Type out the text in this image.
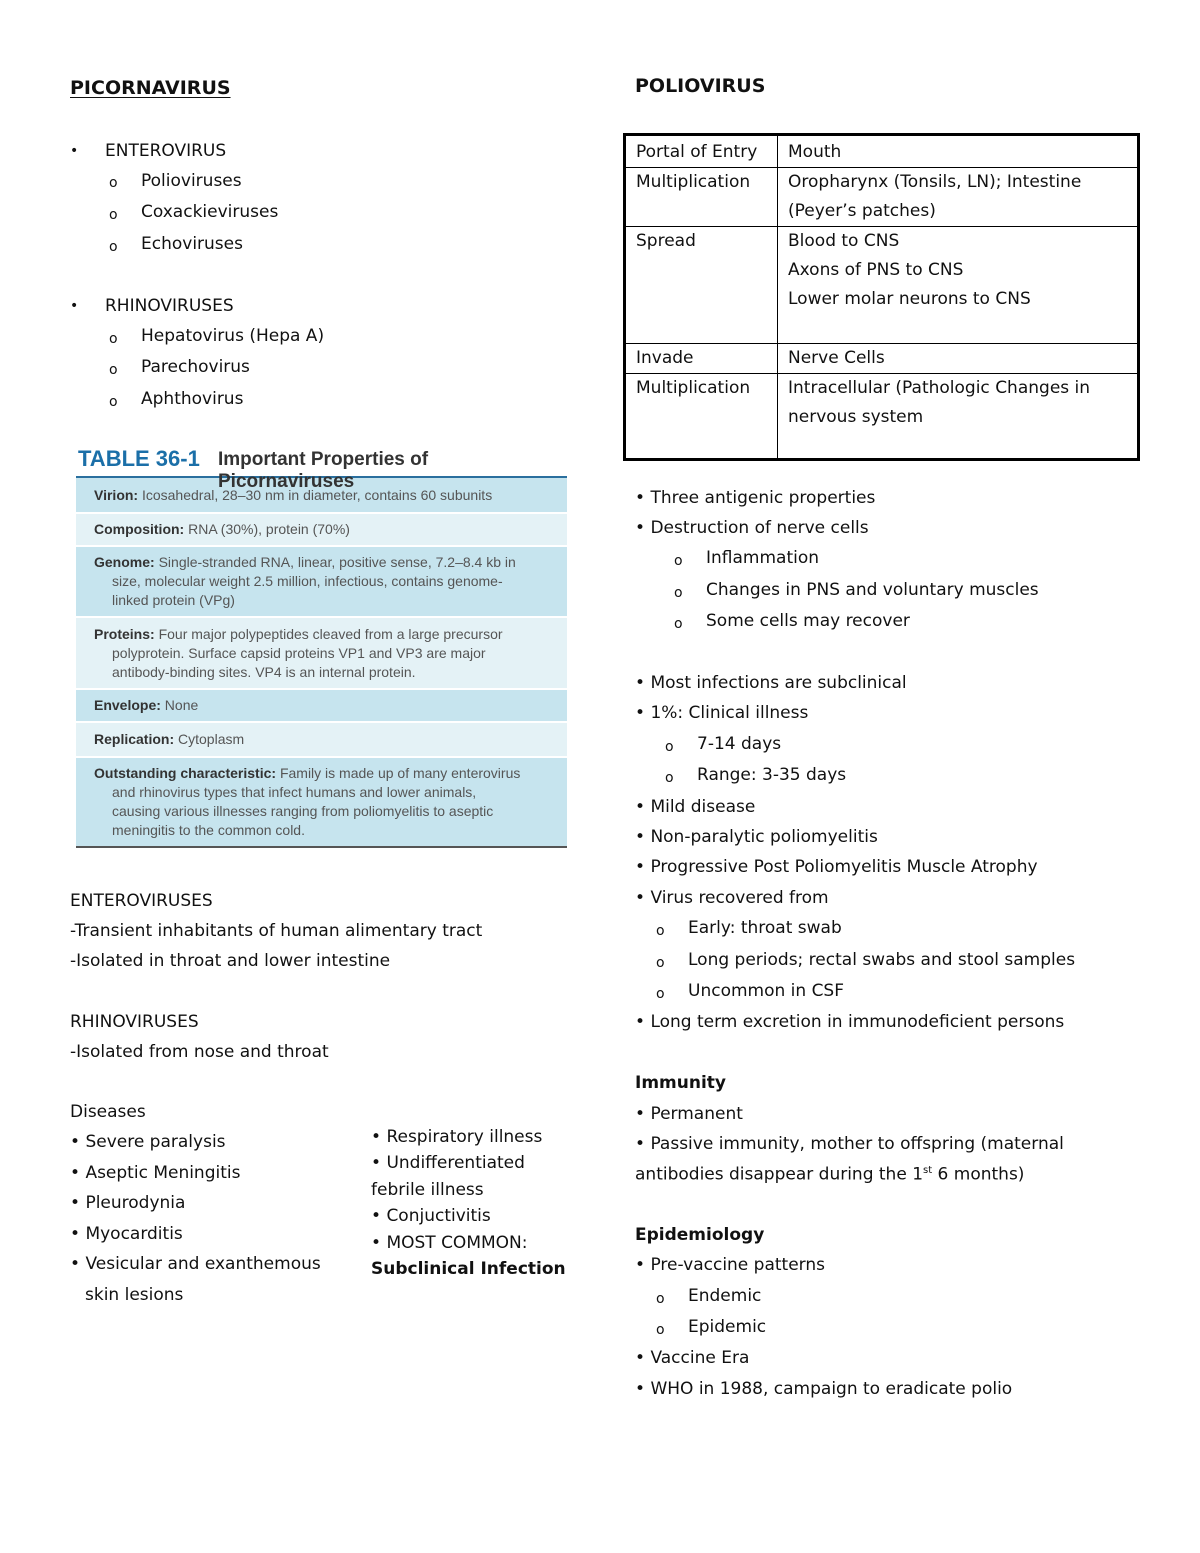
PICORNAVIRUS
• ENTEROVIRUS
o Polioviruses
o Coxackieviruses
o Echoviruses
• RHINOVIRUSES
o Hepatovirus (Hepa A)
o Parechovirus
o Aphthovirus
TABLE 36-1 Important Properties of Picornaviruses
Virion: Icosahedral, 28–30 nm in diameter, contains 60 subunits
Composition: RNA (30%), protein (70%)
Genome: Single-stranded RNA, linear, positive sense, 7.2–8.4 kb in
size, molecular weight 2.5 million, infectious, contains genome-
linked protein (VPg)
Proteins: Four major polypeptides cleaved from a large precursor
polyprotein. Surface capsid proteins VP1 and VP3 are major
antibody-binding sites. VP4 is an internal protein.
Envelope: None
Replication: Cytoplasm
Outstanding characteristic: Family is made up of many enterovirus
and rhinovirus types that infect humans and lower animals,
causing various illnesses ranging from poliomyelitis to aseptic
meningitis to the common cold.
ENTEROVIRUSES
-Transient inhabitants of human alimentary tract
-Isolated in throat and lower intestine
RHINOVIRUSES
-Isolated from nose and throat
Diseases
• Severe paralysis
• Aseptic Meningitis
• Pleurodynia
• Myocarditis
• Vesicular and exanthemous
skin lesions
• Respiratory illness
• Undifferentiated
febrile illness
• Conjuctivitis
• MOST COMMON:
Subclinical Infection
POLIOVIRUS
Portal of Entry	Mouth

Multiplication	Oropharynx (Tonsils, LN); Intestine
(Peyer’s patches)

Spread	Blood to CNS
Axons of PNS to CNS
Lower molar neurons to CNS

Invade	Nerve Cells

Multiplication	Intracellular (Pathologic Changes in
nervous system
• Three antigenic properties
• Destruction of nerve cells
o Inflammation
o Changes in PNS and voluntary muscles
o Some cells may recover
• Most infections are subclinical
• 1%: Clinical illness
o 7-14 days
o Range: 3-35 days
• Mild disease
• Non-paralytic poliomyelitis
• Progressive Post Poliomyelitis Muscle Atrophy
• Virus recovered from
o Early: throat swab
o Long periods; rectal swabs and stool samples
o Uncommon in CSF
• Long term excretion in immunodeficient persons
Immunity
• Permanent
• Passive immunity, mother to offspring (maternal
antibodies disappear during the 1st 6 months)
Epidemiology
• Pre-vaccine patterns
o Endemic
o Epidemic
• Vaccine Era
• WHO in 1988, campaign to eradicate polio
